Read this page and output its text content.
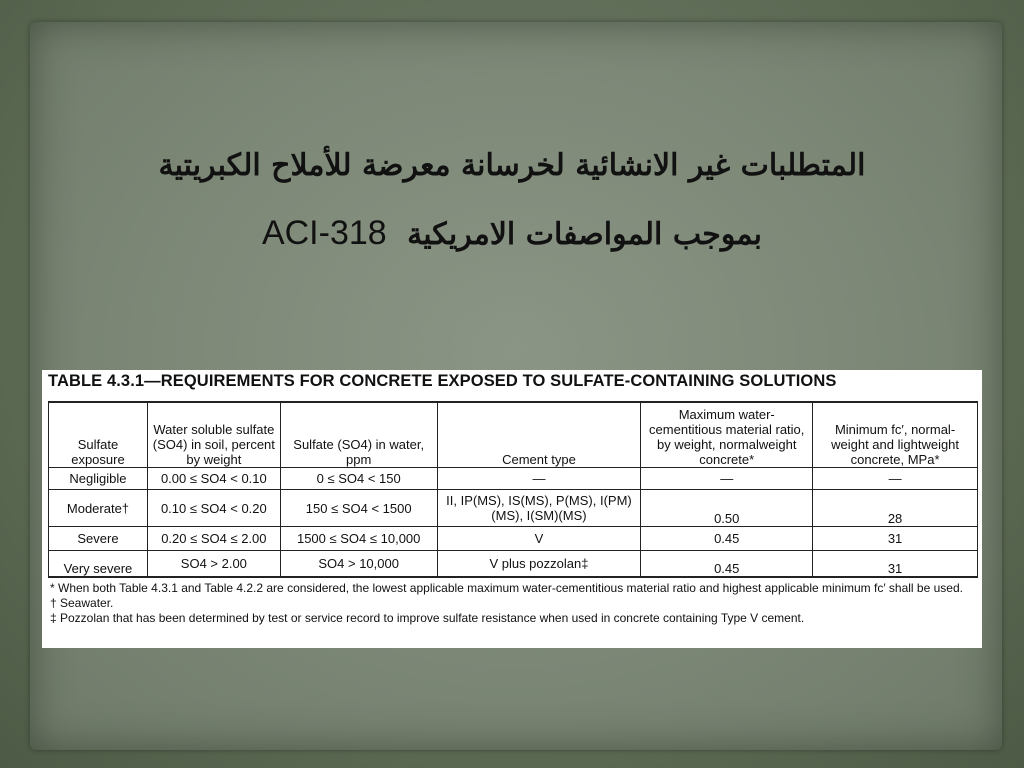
المتطلبات غير الانشائية لخرسانة معرضة للأملاح الكبريتية
ACI-318 بموجب المواصفات الامريكية
TABLE 4.3.1—REQUIREMENTS FOR CONCRETE EXPOSED TO SULFATE-CONTAINING SOLUTIONS
Sulfate exposure	Water soluble sulfate (SO4) in soil, percent by weight	Sulfate (SO4) in water, ppm	Cement type	Maximum water-cementitious material ratio, by weight, normalweight concrete*	Minimum fc′, normal-weight and lightweight concrete, MPa*
Negligible	0.00 ≤ SO4 < 0.10	0 ≤ SO4 < 150	—	—	—
Moderate†	0.10 ≤ SO4 < 0.20	150 ≤ SO4 < 1500	II, IP(MS), IS(MS), P(MS), I(PM)(MS), I(SM)(MS)	0.50	28
Severe	0.20 ≤ SO4 ≤ 2.00	1500 ≤ SO4 ≤ 10,000	V	0.45	31
Very severe	SO4 > 2.00	SO4 > 10,000	V plus pozzolan‡	0.45	31

* When both Table 4.3.1 and Table 4.2.2 are considered, the lowest applicable maximum water-cementitious material ratio and highest applicable minimum fc′ shall be used.

† Seawater.

‡ Pozzolan that has been determined by test or service record to improve sulfate resistance when used in concrete containing Type V cement.
